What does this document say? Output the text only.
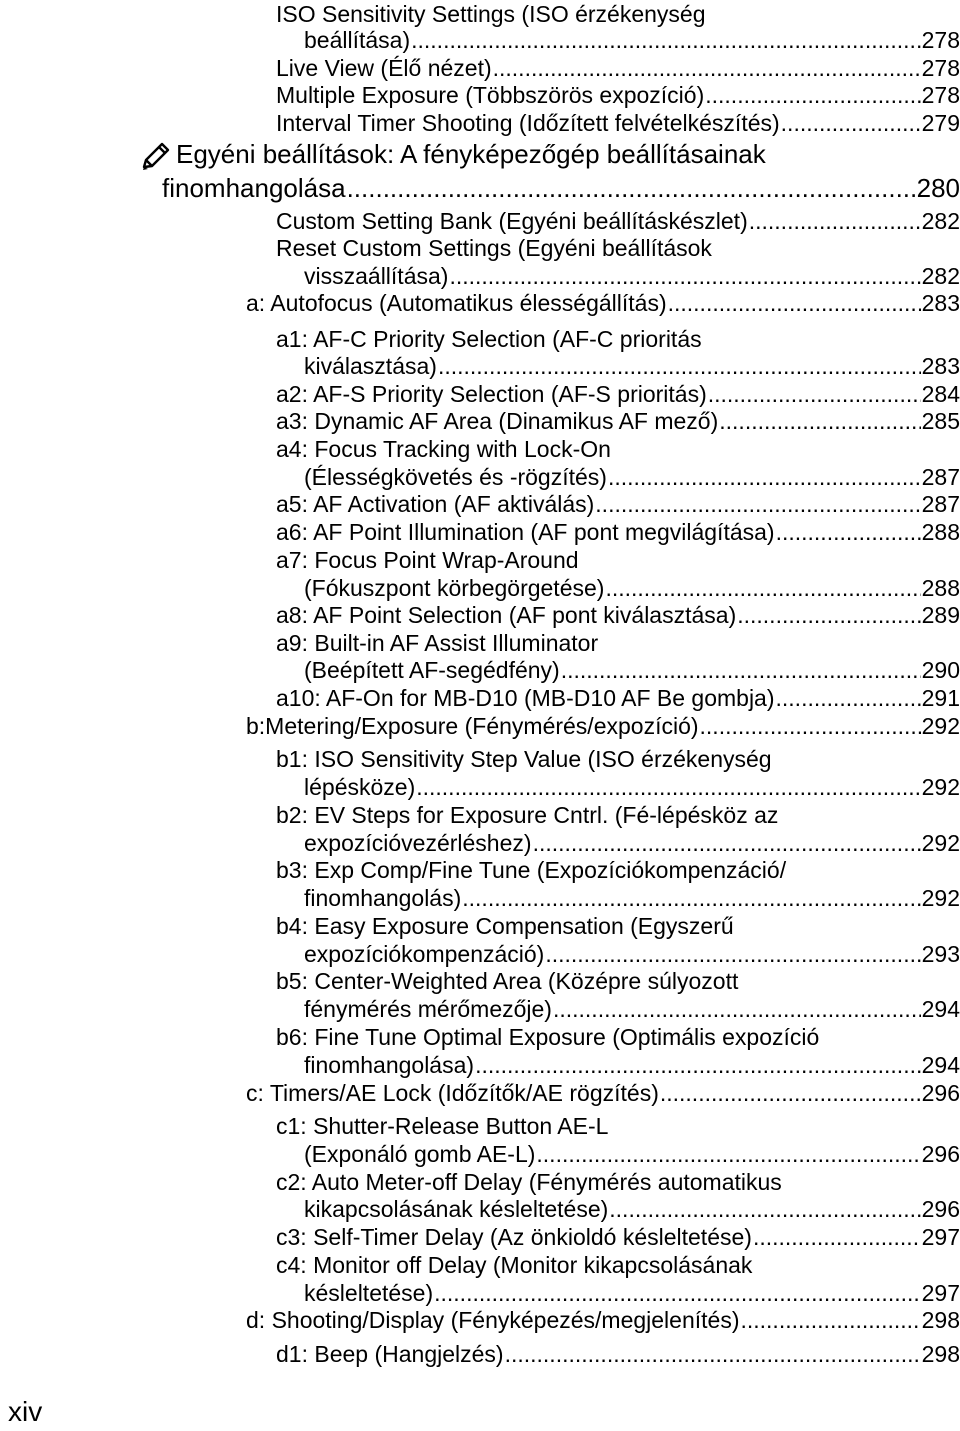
ISO Sensitivity Settings (ISO érzékenység
beállítása) .....	278
Live View (Élő nézet) .....	278
Multiple Exposure (Többszörös expozíció) .....	278
Interval Timer Shooting (Időzített felvételkészítés) .....	279
Egyéni beállítások: A fényképezőgép beállításainak
finomhangolása .....	280
Custom Setting Bank (Egyéni beállításkészlet) .....	282
Reset Custom Settings (Egyéni beállítások
visszaállítása) .....	282
a: Autofocus (Automatikus élességállítás) .....	283
a1: AF-C Priority Selection (AF-C prioritás
kiválasztása) .....	283
a2: AF-S Priority Selection (AF-S prioritás) .....	284
a3: Dynamic AF Area (Dinamikus AF mező) .....	285
a4: Focus Tracking with Lock-On
(Élességkövetés és -rögzítés) .....	287
a5: AF Activation (AF aktiválás) .....	287
a6: AF Point Illumination (AF pont megvilágítása) .....	288
a7: Focus Point Wrap-Around
(Fókuszpont körbegörgetése) .....	288
a8: AF Point Selection (AF pont kiválasztása) .....	289
a9: Built-in AF Assist Illuminator
(Beépített AF-segédfény) .....	290
a10: AF-On for MB-D10 (MB-D10 AF Be gombja) .....	291
b:Metering/Exposure (Fénymérés/expozíció) .....	292
b1: ISO Sensitivity Step Value (ISO érzékenység
lépésköze) .....	292
b2: EV Steps for Exposure Cntrl. (Fé-lépésköz az
expozícióvezérléshez) .....	292
b3: Exp Comp/Fine Tune (Expozíciókompenzáció/
finomhangolás) .....	292
b4: Easy Exposure Compensation (Egyszerű
expozíciókompenzáció) .....	293
b5: Center-Weighted Area (Középre súlyozott
fénymérés mérőmezője) .....	294
b6: Fine Tune Optimal Exposure (Optimális expozíció
finomhangolása) .....	294
c: Timers/AE Lock (Időzítők/AE rögzítés) .....	296
c1: Shutter-Release Button AE-L
(Exponáló gomb AE-L) .....	296
c2: Auto Meter-off Delay (Fénymérés automatikus
kikapcsolásának késleltetése) .....	296
c3: Self-Timer Delay (Az önkioldó késleltetése) .....	297
c4: Monitor off Delay (Monitor kikapcsolásának
késleltetése) .....	297
d: Shooting/Display (Fényképezés/megjelenítés) .....	298
d1: Beep (Hangjelzés) .....	298
xiv
